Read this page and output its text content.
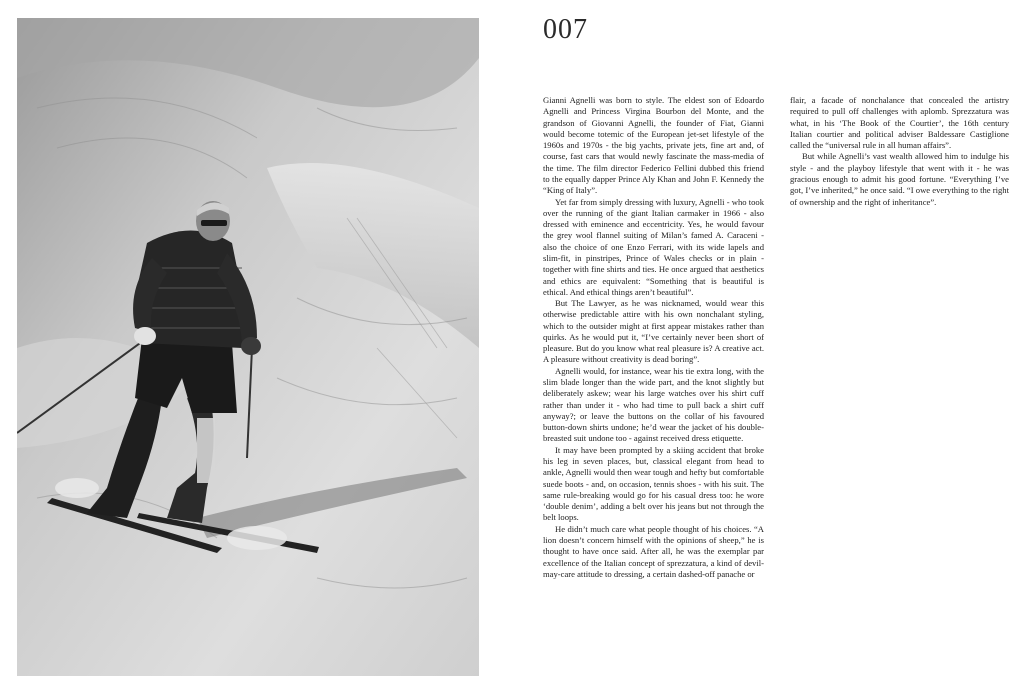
007

Gianni Agnelli was born to style. The eldest son of Edoardo Agnelli and Princess Virgina Bourbon del Monte, and the grandson of Giovanni Agnelli, the founder of Fiat, Gianni would become totemic of the European jet-set lifestyle of the 1960s and 1970s - the big yachts, private jets, fine art and, of course, fast cars that would newly fascinate the mass-media of the time. The film director Federico Fellini dubbed this friend to the equally dapper Prince Aly Khan and John F. Kennedy the “King of Italy”.

Yet far from simply dressing with luxury, Agnelli - who took over the running of the giant Italian carmaker in 1966 - also dressed with eminence and eccentricity. Yes, he would favour the grey wool flannel suiting of Milan’s famed A. Caraceni - also the choice of one Enzo Ferrari, with its wide lapels and slim-fit, in pinstripes, Prince of Wales checks or in plain - together with fine shirts and ties. He once argued that aesthetics and ethics are equivalent: “Something that is beautiful is ethical. And ethical things aren’t beautiful”.

But The Lawyer, as he was nicknamed, would wear this otherwise predictable attire with his own nonchalant styling, which to the outsider might at first appear mistakes rather than quirks. As he would put it, “I’ve certainly never been short of pleasure. But do you know what real pleasure is? A creative act. A pleasure without creativity is dead boring”.

Agnelli would, for instance, wear his tie extra long, with the slim blade longer than the wide part, and the knot slightly but deliberately askew; wear his large watches over his shirt cuff rather than under it - who had time to pull back a shirt cuff anyway?; or leave the buttons on the collar of his favoured button-down shirts undone; he’d wear the jacket of his double-breasted suit undone too - against received dress etiquette.

It may have been prompted by a skiing accident that broke his leg in seven places, but, classical elegant from head to ankle, Agnelli would then wear tough and hefty but comfortable suede boots - and, on occasion, tennis shoes - with his suit. The same rule-breaking would go for his casual dress too: he wore ‘double denim’, adding a belt over his jeans but not through the belt loops.

He didn’t much care what people thought of his choices. “A lion doesn’t concern himself with the opinions of sheep,” he is thought to have once said. After all, he was the exemplar par excellence of the Italian concept of sprezzatura, a kind of devil-may-care attitude to dressing, a certain dashed-off panache or

flair, a facade of nonchalance that concealed the artistry required to pull off challenges with aplomb. Sprezzatura was what, in his ‘The Book of the Courtier’, the 16th century Italian courtier and political adviser Baldessare Castiglione called the “universal rule in all human affairs”.

But while Agnelli’s vast wealth allowed him to indulge his style - and the playboy lifestyle that went with it - he was gracious enough to admit his good fortune. “Everything I’ve got, I’ve inherited,” he once said. “I owe everything to the right of ownership and the right of inheritance”.
